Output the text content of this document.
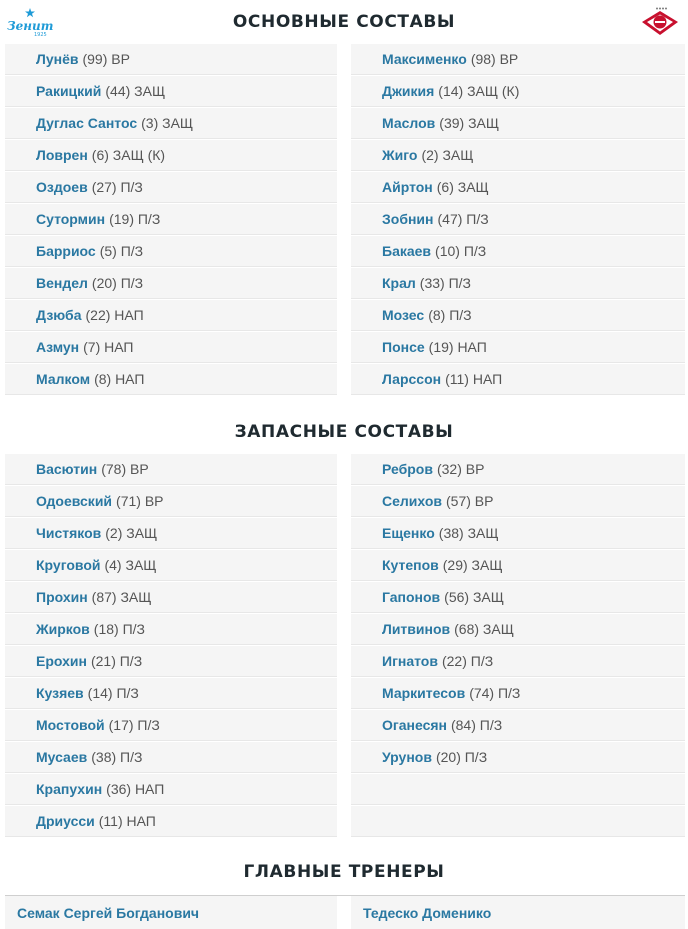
Зенит
1925
ОСНОВНЫЕ СОСТАВЫ
Лунёв (99) ВР
Ракицкий (44) ЗАЩ
Дуглас Сантос (3) ЗАЩ
Ловрен (6) ЗАЩ (К)
Оздоев (27) П/З
Сутормин (19) П/З
Барриос (5) П/З
Вендел (20) П/З
Дзюба (22) НАП
Азмун (7) НАП
Малком (8) НАП
Максименко (98) ВР
Джикия (14) ЗАЩ (К)
Маслов (39) ЗАЩ
Жиго (2) ЗАЩ
Айртон (6) ЗАЩ
Зобнин (47) П/З
Бакаев (10) П/З
Крал (33) П/З
Мозес (8) П/З
Понсе (19) НАП
Ларссон (11) НАП
ЗАПАСНЫЕ СОСТАВЫ
Васютин (78) ВР
Одоевский (71) ВР
Чистяков (2) ЗАЩ
Круговой (4) ЗАЩ
Прохин (87) ЗАЩ
Жирков (18) П/З
Ерохин (21) П/З
Кузяев (14) П/З
Мостовой (17) П/З
Мусаев (38) П/З
Крапухин (36) НАП
Дриусси (11) НАП
Ребров (32) ВР
Селихов (57) ВР
Ещенко (38) ЗАЩ
Кутепов (29) ЗАЩ
Гапонов (56) ЗАЩ
Литвинов (68) ЗАЩ
Игнатов (22) П/З
Маркитесов (74) П/З
Оганесян (84) П/З
Урунов (20) П/З
ГЛАВНЫЕ ТРЕНЕРЫ
Семак Сергей Богданович	Тедеско Доменико
